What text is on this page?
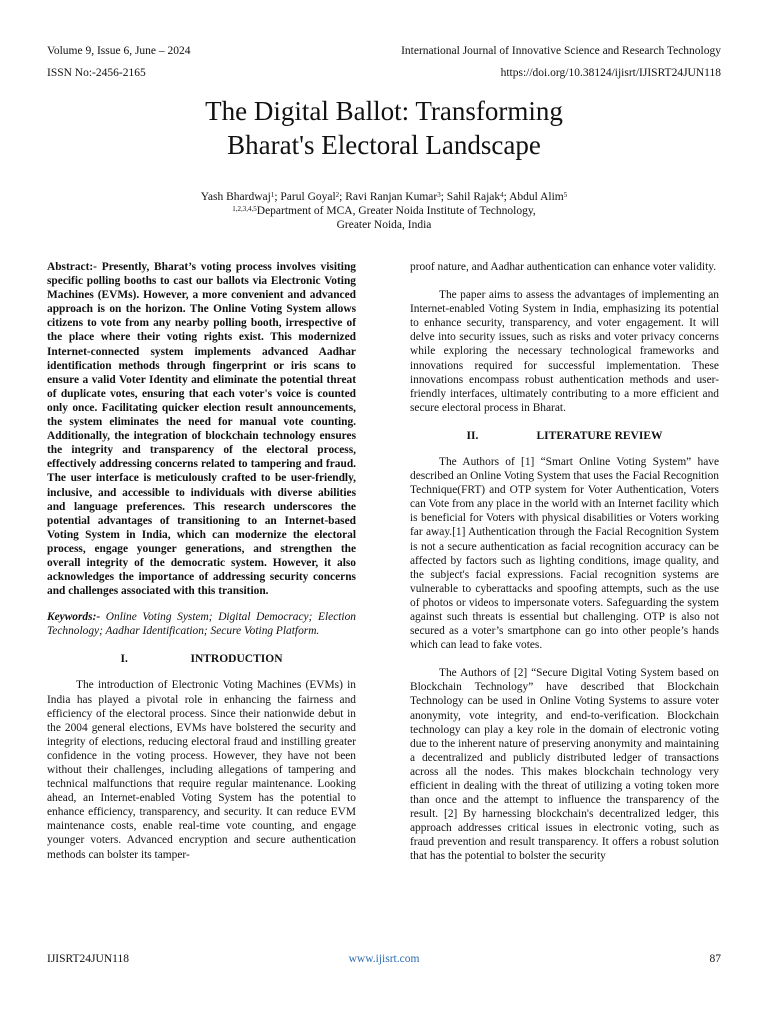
Volume 9, Issue 6, June – 2024	International Journal of Innovative Science and Research Technology
ISSN No:-2456-2165	https://doi.org/10.38124/ijisrt/IJISRT24JUN118
The Digital Ballot: Transforming
Bharat's Electoral Landscape
Yash Bhardwaj$^1$; Parul Goyal$^2$; Ravi Ranjan Kumar$^3$; Sahil Rajak$^4$; Abdul Alim$^5$
$^{1,2,3,4,5}$Department of MCA, Greater Noida Institute of Technology,
Greater Noida, India

Abstract:- Presently, Bharat’s voting process involves visiting specific polling booths to cast our ballots via Electronic Voting Machines (EVMs). However, a more convenient and advanced approach is on the horizon. The Online Voting System allows citizens to vote from any nearby polling booth, irrespective of the place where their voting rights exist. This modernized Internet-connected system implements advanced Aadhar identification methods through fingerprint or iris scans to ensure a valid Voter Identity and eliminate the potential threat of duplicate votes, ensuring that each voter's voice is counted only once. Facilitating quicker election result announcements, the system eliminates the need for manual vote counting. Additionally, the integration of blockchain technology ensures the integrity and transparency of the electoral process, effectively addressing concerns related to tampering and fraud. The user interface is meticulously crafted to be user-friendly, inclusive, and accessible to individuals with diverse abilities and language preferences. This research underscores the potential advantages of transitioning to an Internet-based Voting System in India, which can modernize the electoral process, engage younger generations, and strengthen the overall integrity of the democratic system. However, it also acknowledges the importance of addressing security concerns and challenges associated with this transition.

Keywords:- Online Voting System; Digital Democracy; Election Technology; Aadhar Identification; Secure Voting Platform.

I.	INTRODUCTION

The introduction of Electronic Voting Machines (EVMs) in India has played a pivotal role in enhancing the fairness and efficiency of the electoral process. Since their nationwide debut in the 2004 general elections, EVMs have bolstered the security and integrity of elections, reducing electoral fraud and instilling greater confidence in the voting process. However, they have not been without their challenges, including allegations of tampering and technical malfunctions that require regular maintenance. Looking ahead, an Internet-enabled Voting System has the potential to enhance efficiency, transparency, and security. It can reduce EVM maintenance costs, enable real-time vote counting, and engage younger voters. Advanced encryption and secure authentication methods can bolster its tamper-

proof nature, and Aadhar authentication can enhance voter validity.

The paper aims to assess the advantages of implementing an Internet-enabled Voting System in India, emphasizing its potential to enhance security, transparency, and voter engagement. It will delve into security issues, such as risks and voter privacy concerns while exploring the necessary technological frameworks and innovations required for successful implementation. These innovations encompass robust authentication methods and user-friendly interfaces, ultimately contributing to a more efficient and secure electoral process in Bharat.

II.	LITERATURE REVIEW

The Authors of [1] “Smart Online Voting System” have described an Online Voting System that uses the Facial Recognition Technique(FRT) and OTP system for Voter Authentication, Voters can Vote from any place in the world with an Internet facility which is beneficial for Voters with physical disabilities or Voters working far away.[1] Authentication through the Facial Recognition System is not a secure authentication as facial recognition accuracy can be affected by factors such as lighting conditions, image quality, and the subject's facial expressions. Facial recognition systems are vulnerable to cyberattacks and spoofing attempts, such as the use of photos or videos to impersonate voters. Safeguarding the system against such threats is essential but challenging. OTP is also not secured as a voter’s smartphone can go into other people’s hands which can lead to fake votes.

The Authors of [2] “Secure Digital Voting System based on Blockchain Technology” have described that Blockchain Technology can be used in Online Voting Systems to assure voter anonymity, vote integrity, and end-to-verification. Blockchain technology can play a key role in the domain of electronic voting due to the inherent nature of preserving anonymity and maintaining a decentralized and publicly distributed ledger of transactions across all the nodes. This makes blockchain technology very efficient in dealing with the threat of utilizing a voting token more than once and the attempt to influence the transparency of the result. [2] By harnessing blockchain's decentralized ledger, this approach addresses critical issues in electronic voting, such as fraud prevention and result transparency. It offers a robust solution that has the potential to bolster the security

IJISRT24JUN118	www.ijisrt.com	87
